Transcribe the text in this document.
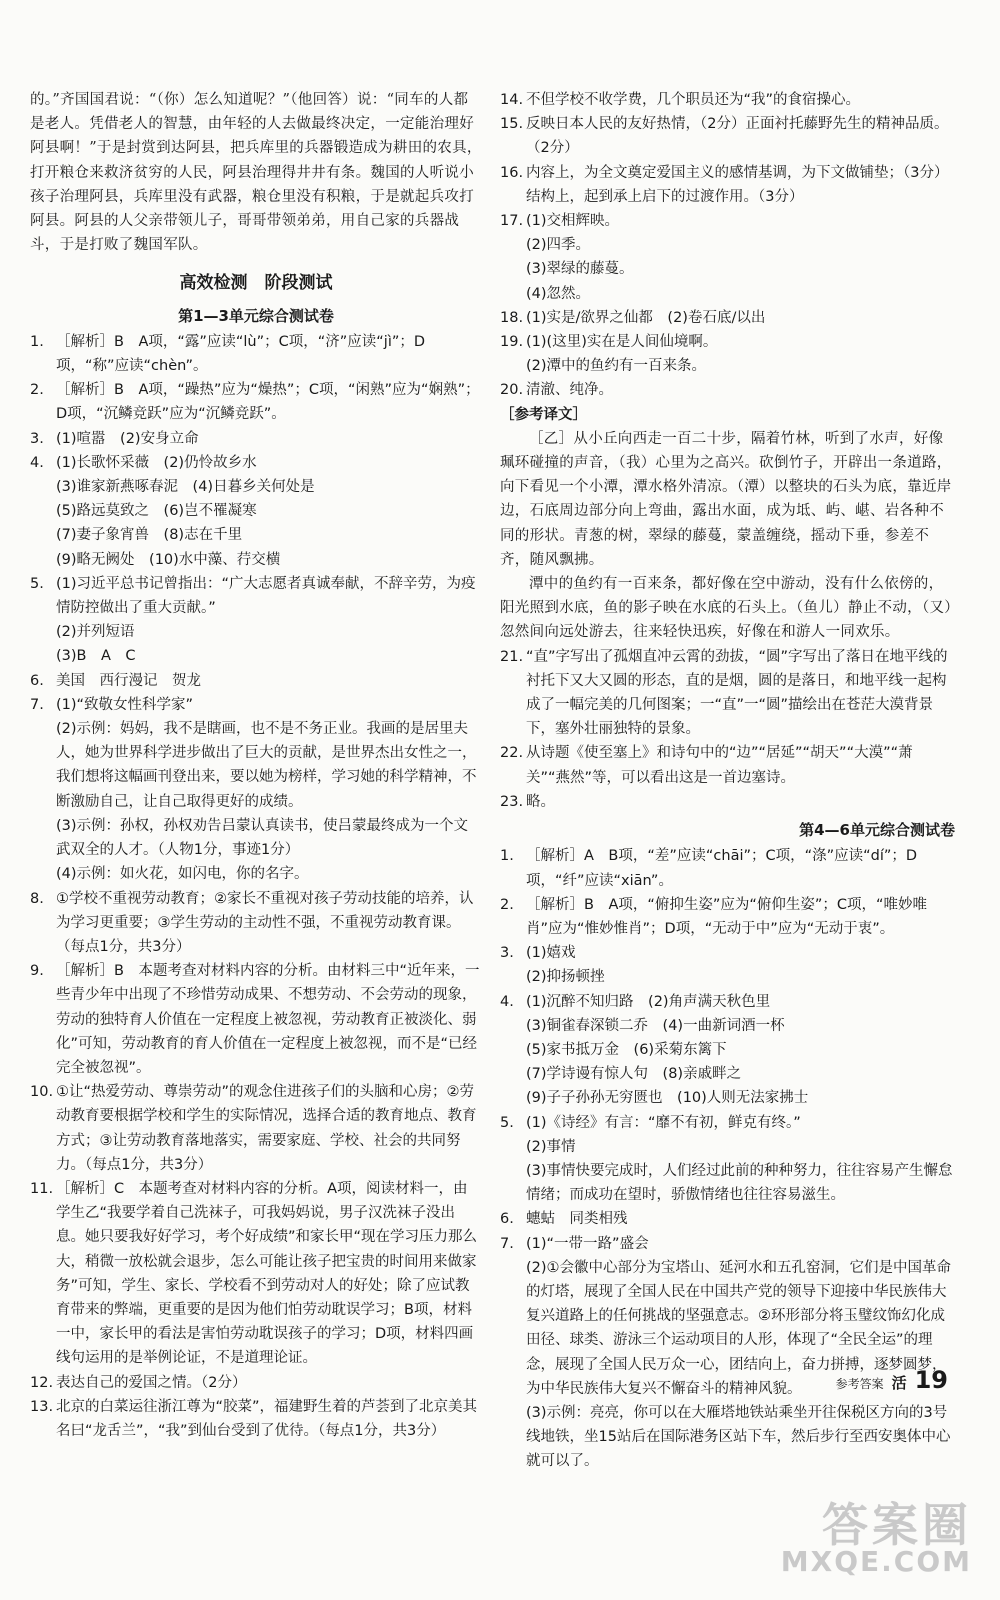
的。”齐国国君说：“（你）怎么知道呢？”（他回答）说：“同车的人都是老人。凭借老人的智慧，由年轻的人去做最终决定，一定能治理好阿县啊！”于是封赏到达阿县，把兵库里的兵器锻造成为耕田的农具，打开粮仓来救济贫穷的人民，阿县治理得井井有条。魏国的人听说小孩子治理阿县，兵库里没有武器，粮仓里没有积粮，于是就起兵攻打阿县。阿县的人父亲带领儿子，哥哥带领弟弟，用自己家的兵器战斗，于是打败了魏国军队。

高效检测　阶段测试
第1—3单元综合测试卷
1. ［解析］B　A项，“露”应读“lù”；C项，“济”应读“jì”；D项，“称”应读“chèn”。
2. ［解析］B　A项，“躁热”应为“燥热”；C项，“闲熟”应为“娴熟”；D项，“沉鳞竞跃”应为“沉鳞竞跃”。
3. (1)喧嚣　(2)安身立命
4. (1)长歌怀采薇　(2)仍怜故乡水
(3)谁家新燕啄春泥　(4)日暮乡关何处是
(5)路远莫致之　(6)岂不罹凝寒
(7)妻子象宵兽　(8)志在千里
(9)略无阙处　(10)水中藻、荇交横
5. (1)习近平总书记曾指出：“广大志愿者真诚奉献，不辞辛劳，为疫情防控做出了重大贡献。”
(2)并列短语
(3)B　A　C
6. 美国　西行漫记　贺龙
7. (1)“致敬女性科学家”
(2)示例：妈妈，我不是瞎画，也不是不务正业。我画的是居里夫人，她为世界科学进步做出了巨大的贡献，是世界杰出女性之一，我们想将这幅画刊登出来，要以她为榜样，学习她的科学精神，不断激励自己，让自己取得更好的成绩。
(3)示例：孙权，孙权劝告吕蒙认真读书，使吕蒙最终成为一个文武双全的人才。（人物1分，事迹1分）
(4)示例：如火花，如闪电，你的名字。
8. ①学校不重视劳动教育；②家长不重视对孩子劳动技能的培养，认为学习更重要；③学生劳动的主动性不强，不重视劳动教育课。（每点1分，共3分）
9. ［解析］B　本题考查对材料内容的分析。由材料三中“近年来，一些青少年中出现了不珍惜劳动成果、不想劳动、不会劳动的现象，劳动的独特育人价值在一定程度上被忽视，劳动教育正被淡化、弱化”可知，劳动教育的育人价值在一定程度上被忽视，而不是“已经完全被忽视”。
10. ①让“热爱劳动、尊崇劳动”的观念住进孩子们的头脑和心房；②劳动教育要根据学校和学生的实际情况，选择合适的教育地点、教育方式；③让劳动教育落地落实，需要家庭、学校、社会的共同努力。（每点1分，共3分）
11. ［解析］C　本题考查对材料内容的分析。A项，阅读材料一，由学生乙“我要学着自己洗袜子，可我妈妈说，男子汉洗袜子没出息。她只要我好好学习，考个好成绩”和家长甲“现在学习压力那么大，稍微一放松就会退步，怎么可能让孩子把宝贵的时间用来做家务”可知，学生、家长、学校看不到劳动对人的好处；除了应试教育带来的弊端，更重要的是因为他们怕劳动耽误学习；B项，材料一中，家长甲的看法是害怕劳动耽误孩子的学习；D项，材料四画线句运用的是举例论证，不是道理论证。
12. 表达自己的爱国之情。（2分）
13. 北京的白菜运往浙江尊为“胶菜”，福建野生着的芦荟到了北京美其名曰“龙舌兰”，“我”到仙台受到了优待。（每点1分，共3分）
14. 不但学校不收学费，几个职员还为“我”的食宿操心。
15. 反映日本人民的友好热情，（2分）正面衬托藤野先生的精神品质。（2分）
16. 内容上，为全文奠定爱国主义的感情基调，为下文做铺垫；（3分）结构上，起到承上启下的过渡作用。（3分）
17. (1)交相辉映。
(2)四季。
(3)翠绿的藤蔓。
(4)忽然。
18. (1)实是/欲界之仙都　(2)卷石底/以出
19. (1)(这里)实在是人间仙境啊。
(2)潭中的鱼约有一百来条。
20. 清澈、纯净。
［参考译文］

［乙］从小丘向西走一百二十步，隔着竹林，听到了水声，好像珮环碰撞的声音，（我）心里为之高兴。砍倒竹子，开辟出一条道路，向下看见一个小潭，潭水格外清凉。（潭）以整块的石头为底，靠近岸边，石底周边部分向上弯曲，露出水面，成为坻、屿、嵁、岩各种不同的形状。青葱的树，翠绿的藤蔓，蒙盖缠绕，摇动下垂，参差不齐，随风飘拂。

潭中的鱼约有一百来条，都好像在空中游动，没有什么依傍的，阳光照到水底，鱼的影子映在水底的石头上。（鱼儿）静止不动，（又）忽然间向远处游去，往来轻快迅疾，好像在和游人一同欢乐。

21. “直”字写出了孤烟直冲云霄的劲拔，“圆”字写出了落日在地平线的衬托下又大又圆的形态，直的是烟，圆的是落日，和地平线一起构成了一幅完美的几何图案；一“直”一“圆”描绘出在苍茫大漠背景下，塞外壮丽独特的景象。
22. 从诗题《使至塞上》和诗句中的“边”“居延”“胡天”“大漠”“萧关”“燕然”等，可以看出这是一首边塞诗。
23. 略。
第4—6单元综合测试卷
1. ［解析］A　B项，“差”应读“chāi”；C项，“涤”应读“dí”；D项，“纤”应读“xiān”。
2. ［解析］B　A项，“俯抑生姿”应为“俯仰生姿”；C项，“唯妙唯肖”应为“惟妙惟肖”；D项，“无动于中”应为“无动于衷”。
3. (1)嬉戏
(2)抑扬顿挫
4. (1)沉醉不知归路　(2)角声满天秋色里
(3)铜雀春深锁二乔　(4)一曲新词酒一杯
(5)家书抵万金　(6)采菊东篱下
(7)学诗谩有惊人句　(8)亲戚畔之
(9)子子孙孙无穷匮也　(10)人则无法家拂士
5. (1)《诗经》有言：“靡不有初，鲜克有终。”
(2)事情
(3)事情快要完成时，人们经过此前的种种努力，往往容易产生懈怠情绪；而成功在望时，骄傲情绪也往往容易滋生。
6. 蟪蛄　同类相残
7. (1)“一带一路”盛会
(2)①会徽中心部分为宝塔山、延河水和五孔窑洞，它们是中国革命的灯塔，展现了全国人民在中国共产党的领导下迎接中华民族伟大复兴道路上的任何挑战的坚强意志。②环形部分将玉璧纹饰幻化成田径、球类、游泳三个运动项目的人形，体现了“全民全运”的理念，展现了全国人民万众一心，团结向上，奋力拼搏，逐梦圆梦，为中华民族伟大复兴不懈奋斗的精神风貌。
(3)示例：亮亮，你可以在大雁塔地铁站乘坐开往保税区方向的3号线地铁，坐15站后在国际港务区站下车，然后步行至西安奥体中心就可以了。
参考答案 活 19
答案圈
MXQE.COM
